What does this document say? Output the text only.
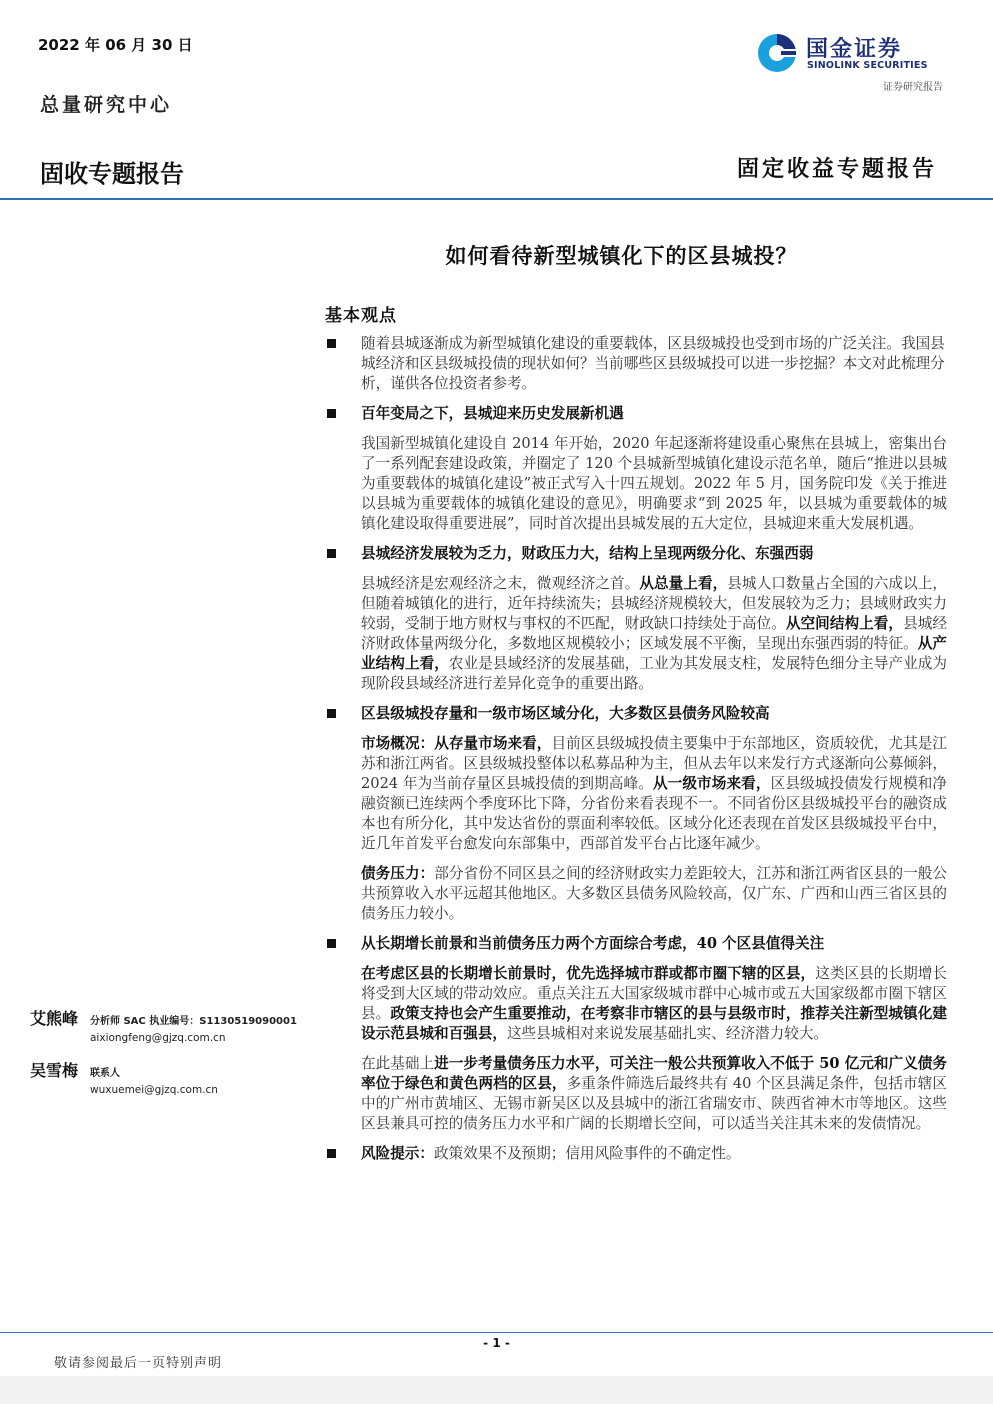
2022 年 06 月 30 日
总量研究中心
国金证券
SINOLINK SECURITIES
证券研究报告
固收专题报告	固定收益专题报告
如何看待新型城镇化下的区县城投？
基本观点
随着县城逐渐成为新型城镇化建设的重要载体，区县级城投也受到市场的广泛关注。我国县城经济和区县级城投债的现状如何？当前哪些区县级城投可以进一步挖掘？本文对此梳理分析，谨供各位投资者参考。
百年变局之下，县城迎来历史发展新机遇
我国新型城镇化建设自 2014 年开始，2020 年起逐渐将建设重心聚焦在县城上，密集出台了一系列配套建设政策，并圈定了 120 个县城新型城镇化建设示范名单，随后“推进以县城为重要载体的城镇化建设”被正式写入十四五规划。2022 年 5 月，国务院印发《关于推进以县城为重要载体的城镇化建设的意见》，明确要求“到 2025 年，以县城为重要载体的城镇化建设取得重要进展”，同时首次提出县城发展的五大定位，县城迎来重大发展机遇。
县城经济发展较为乏力，财政压力大，结构上呈现两级分化、东强西弱
县城经济是宏观经济之末，微观经济之首。从总量上看，县城人口数量占全国的六成以上，但随着城镇化的进行，近年持续流失；县城经济规模较大，但发展较为乏力；县域财政实力较弱，受制于地方财权与事权的不匹配，财政缺口持续处于高位。从空间结构上看，县城经济财政体量两级分化，多数地区规模较小；区域发展不平衡，呈现出东强西弱的特征。从产业结构上看，农业是县域经济的发展基础，工业为其发展支柱，发展特色细分主导产业成为现阶段县域经济进行差异化竞争的重要出路。
区县级城投存量和一级市场区域分化，大多数区县债务风险较高
市场概况：从存量市场来看，目前区县级城投债主要集中于东部地区，资质较优，尤其是江苏和浙江两省。区县级城投整体以私募品种为主，但从去年以来发行方式逐渐向公募倾斜，2024 年为当前存量区县城投债的到期高峰。从一级市场来看，区县级城投债发行规模和净融资额已连续两个季度环比下降，分省份来看表现不一。不同省份区县级城投平台的融资成本也有所分化，其中发达省份的票面利率较低。区域分化还表现在首发区县级城投平台中，近几年首发平台愈发向东部集中，西部首发平台占比逐年减少。
债务压力：部分省份不同区县之间的经济财政实力差距较大，江苏和浙江两省区县的一般公共预算收入水平远超其他地区。大多数区县债务风险较高，仅广东、广西和山西三省区县的债务压力较小。
从长期增长前景和当前债务压力两个方面综合考虑，40 个区县值得关注
在考虑区县的长期增长前景时，优先选择城市群或都市圈下辖的区县，这类区县的长期增长将受到大区域的带动效应。重点关注五大国家级城市群中心城市或五大国家级都市圈下辖区县。政策支持也会产生重要推动，在考察非市辖区的县与县级市时，推荐关注新型城镇化建设示范县城和百强县，这些县城相对来说发展基础扎实、经济潜力较大。
在此基础上进一步考量债务压力水平，可关注一般公共预算收入不低于 50 亿元和广义债务率位于绿色和黄色两档的区县，多重条件筛选后最终共有 40 个区县满足条件，包括市辖区中的广州市黄埔区、无锡市新吴区以及县城中的浙江省瑞安市、陕西省神木市等地区。这些区县兼具可控的债务压力水平和广阔的长期增长空间，可以适当关注其未来的发债情况。
风险提示：政策效果不及预期；信用风险事件的不确定性。
艾熊峰	分析师 SAC 执业编号：S1130519090001
aixiongfeng@gjzq.com.cn
吴雪梅	联系人
wuxuemei@gjzq.com.cn
- 1 -
敬请参阅最后一页特别声明
